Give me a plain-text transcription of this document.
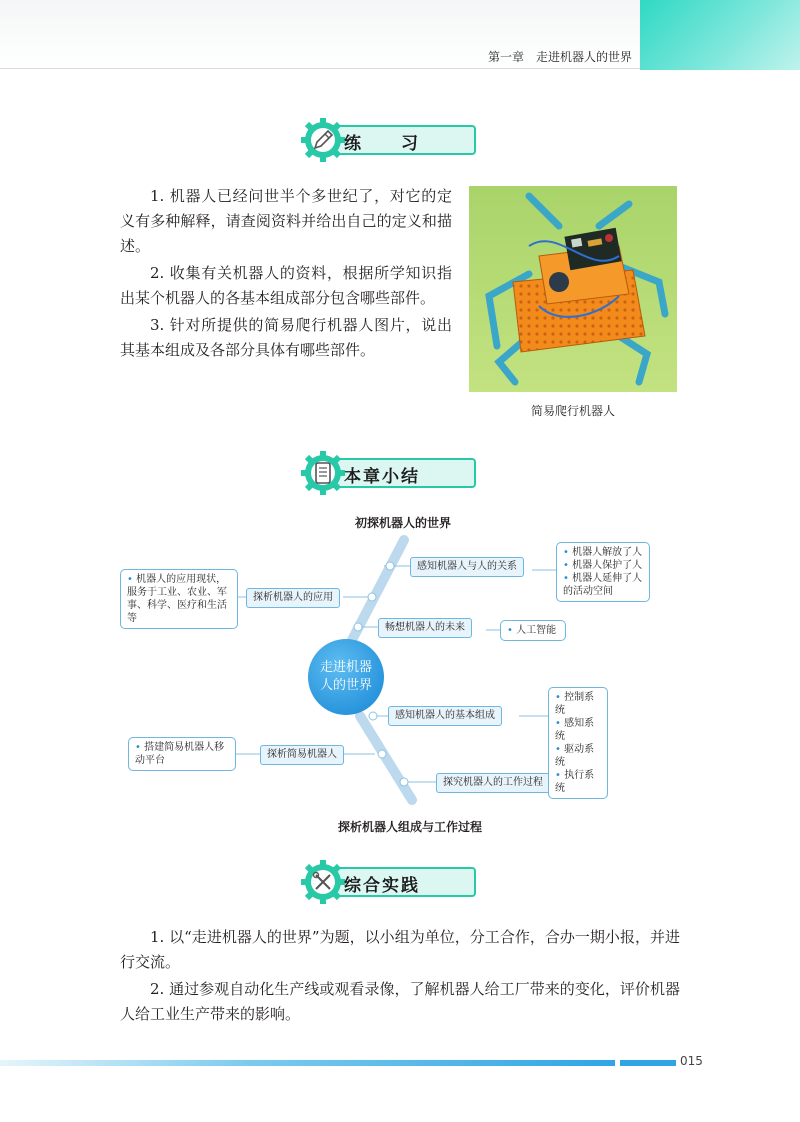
第一章　走进机器人的世界
练　　习

1. 机器人已经问世半个多世纪了，对它的定义有多种解释，请查阅资料并给出自己的定义和描述。

2. 收集有关机器人的资料，根据所学知识指出某个机器人的各基本组成部分包含哪些部件。

3. 针对所提供的简易爬行机器人图片，说出其基本组成及各部分具体有哪些部件。

简易爬行机器人
本章小结
初探机器人的世界
走进机器人的世界
感知机器人与人的关系
探析机器人的应用
畅想机器人的未来
感知机器人的基本组成
探析简易机器人
探究机器人的工作过程
• 机器人解放了人
• 机器人保护了人
• 机器人延伸了人的活动空间
• 机器人的应用现状，服务于工业、农业、军事、科学、医疗和生活等
• 人工智能
• 控制系统
• 感知系统
• 驱动系统
• 执行系统
• 搭建简易机器人移动平台
探析机器人组成与工作过程
综合实践

1. 以“走进机器人的世界”为题，以小组为单位，分工合作，合办一期小报，并进行交流。

2. 通过参观自动化生产线或观看录像，了解机器人给工厂带来的变化，评价机器人给工业生产带来的影响。

015
